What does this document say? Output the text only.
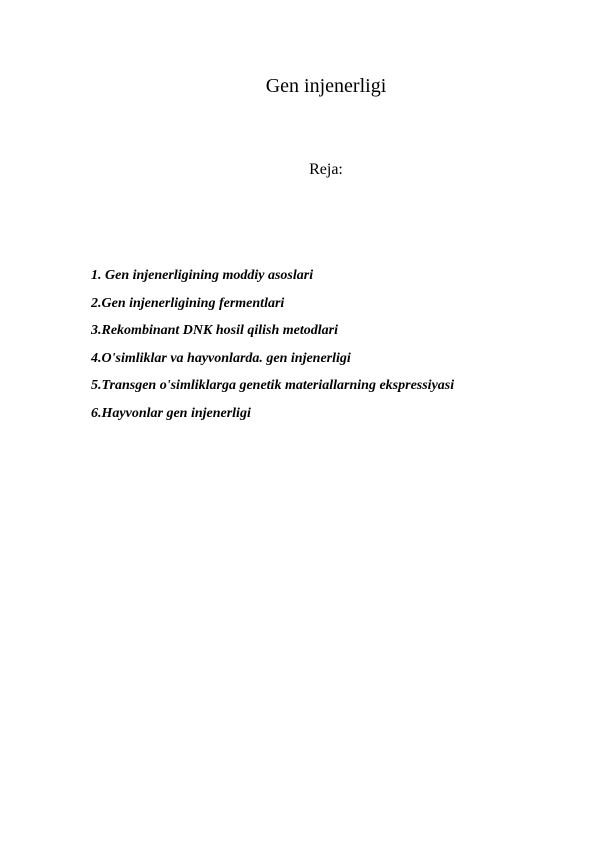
Gen injenerligi
Reja:
1. Gen injenerligining moddiy asoslari
2.Gen injenerligining fermentlari
3.Rekombinant DNK hosil qilish metodlari
4.O'simliklar va hayvonlarda. gen injenerligi
5.Transgen o'simliklarga genetik materiallarning ekspressiyasi
6.Hayvonlar gen injenerligi
